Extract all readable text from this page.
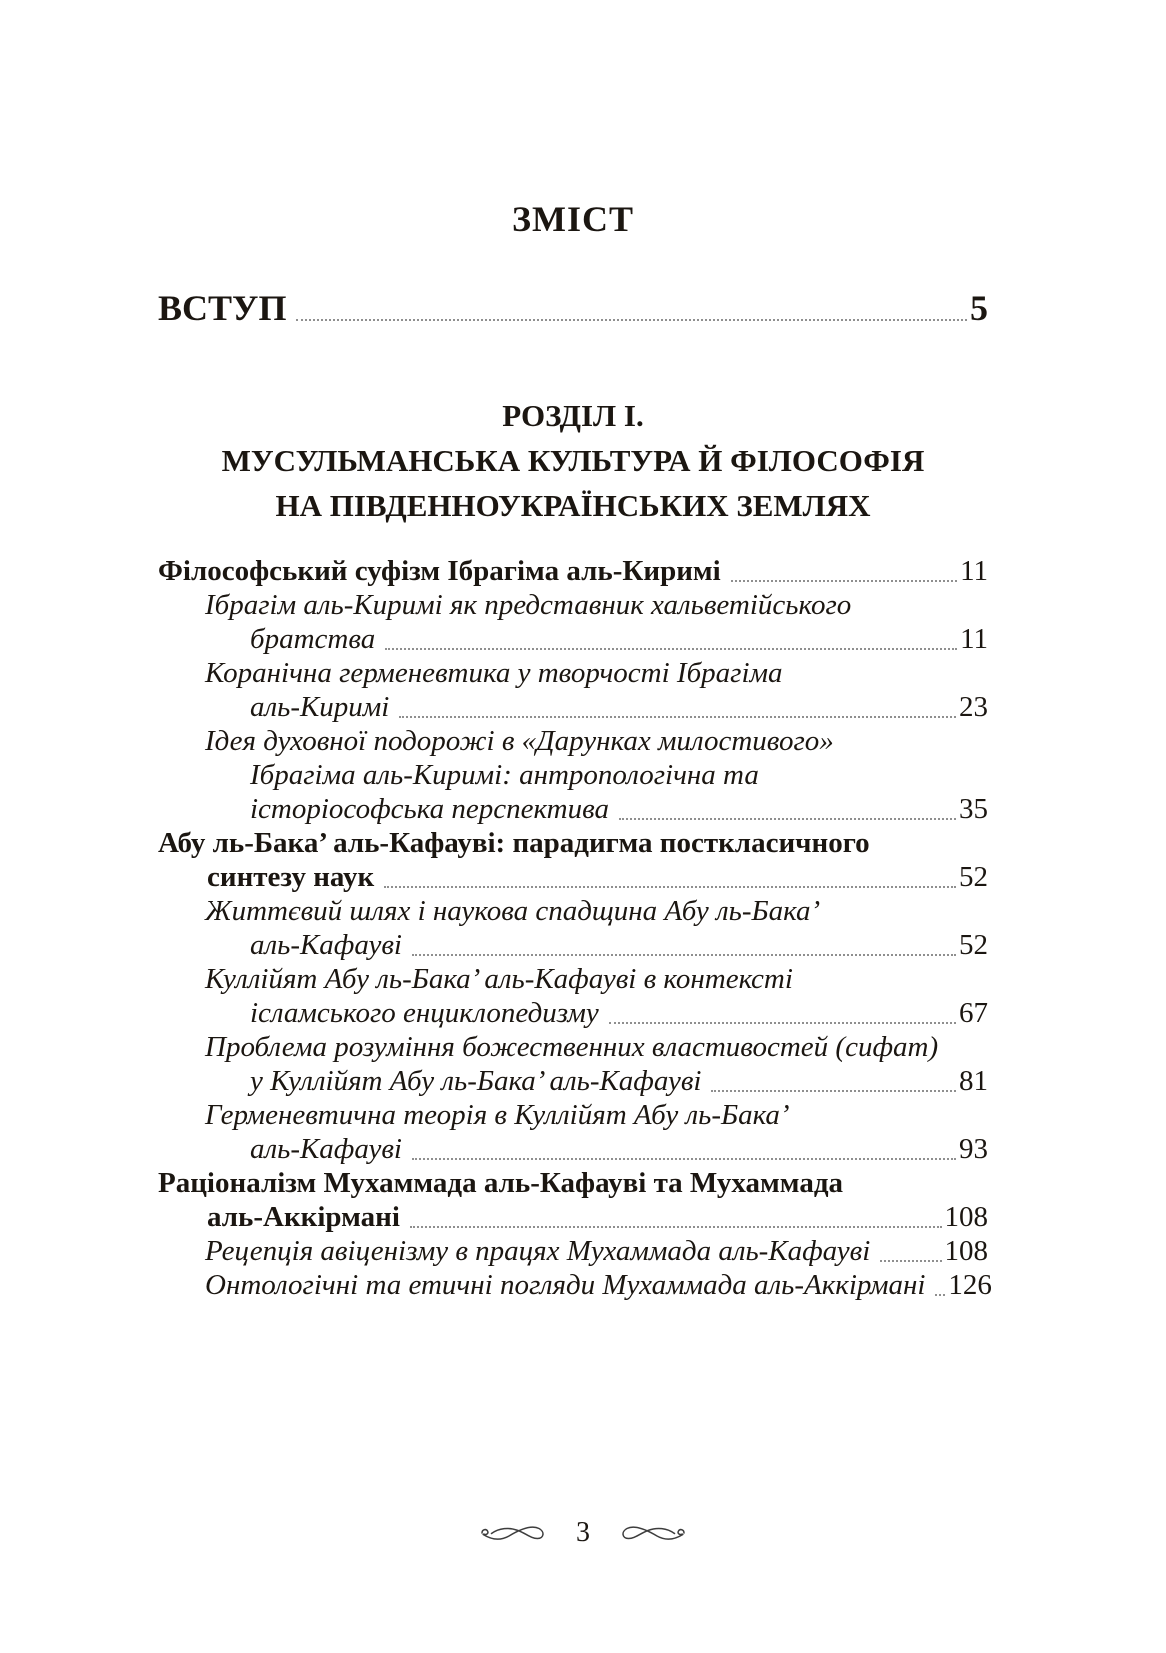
ЗМІСТ
ВСТУП	5
РОЗДІЛ І.
МУСУЛЬМАНСЬКА КУЛЬТУРА Й ФІЛОСОФІЯ
НА ПІВДЕННОУКРАЇНСЬКИХ ЗЕМЛЯХ
Філософський суфізм Ібрагіма аль-Киримі	11
Ібрагім аль-Киримі як представник хальветійського
братства	11
Коранічна герменевтика у творчості Ібрагіма
аль-Киримі	23
Ідея духовної подорожі в «Дарунках милостивого»
Ібрагіма аль-Киримі: антропологічна та
історіософська перспектива	35
Абу ль-Бака’ аль-Кафауві: парадигма посткласичного
синтезу наук	52
Життєвий шлях і наукова спадщина Абу ль-Бака’
аль-Кафауві	52
Куллійят Абу ль-Бака’ аль-Кафауві в контексті
ісламського енциклопедизму	67
Проблема розуміння божественних властивостей (сифат)
у Куллійят Абу ль-Бака’ аль-Кафауві	81
Герменевтична теорія в Куллійят Абу ль-Бака’
аль-Кафауві	93
Раціоналізм Мухаммада аль-Кафауві та Мухаммада
аль-Аккірмані	108
Рецепція авіценізму в працях Мухаммада аль-Кафауві	108
Онтологічні та етичні погляди Мухаммада аль-Аккірмані 126
3
